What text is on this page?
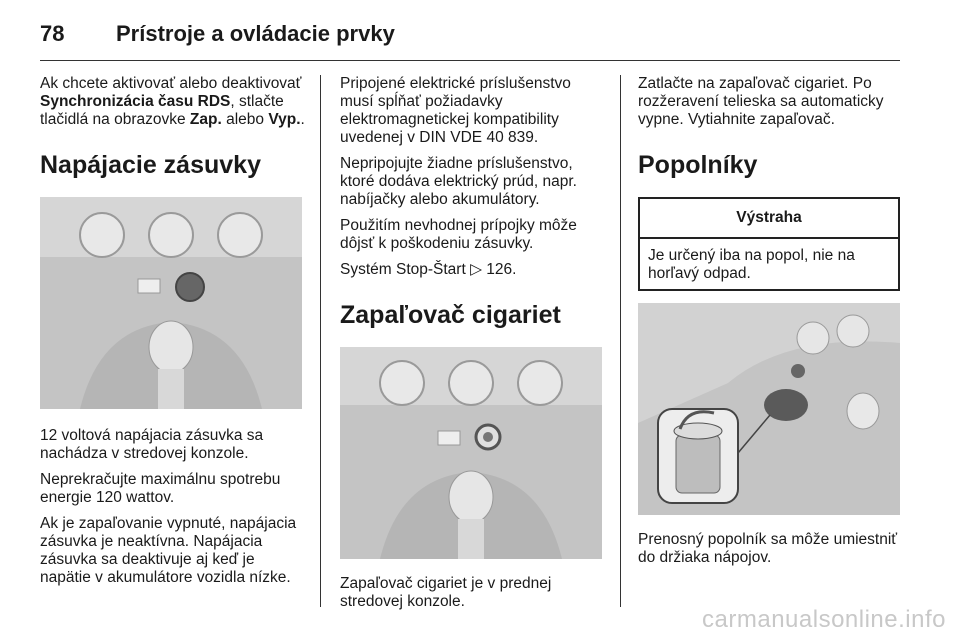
78	Prístroje a ovládacie prvky

Ak chcete aktivovať alebo deaktivovať Synchronizácia času RDS, stlačte tlačidlá na obrazovke Zap. alebo Vyp..

Napájacie zásuvky

12 voltová napájacia zásuvka sa nachádza v stredovej konzole.

Neprekračujte maximálnu spotrebu energie 120 wattov.

Ak je zapaľovanie vypnuté, napájacia zásuvka je neaktívna. Napájacia zásuvka sa deaktivuje aj keď je napätie v akumulátore vozidla nízke.

Pripojené elektrické príslušenstvo musí spĺňať požiadavky elektromagnetickej kompatibility uvedenej v DIN VDE 40 839.

Nepripojujte žiadne príslušenstvo, ktoré dodáva elektrický prúd, napr. nabíjačky alebo akumulátory.

Použitím nevhodnej prípojky môže dôjsť k poškodeniu zásuvky.

Systém Stop-Štart ▷ 126.

Zapaľovač cigariet

Zapaľovač cigariet je v prednej stredovej konzole.

Zatlačte na zapaľovač cigariet. Po rozžeravení telieska sa automaticky vypne. Vytiahnite zapaľovač.

Popolníky
Výstraha
Je určený iba na popol, nie na horľavý odpad.

Prenosný popolník sa môže umiestniť do držiaka nápojov.

carmanualsonline.info
